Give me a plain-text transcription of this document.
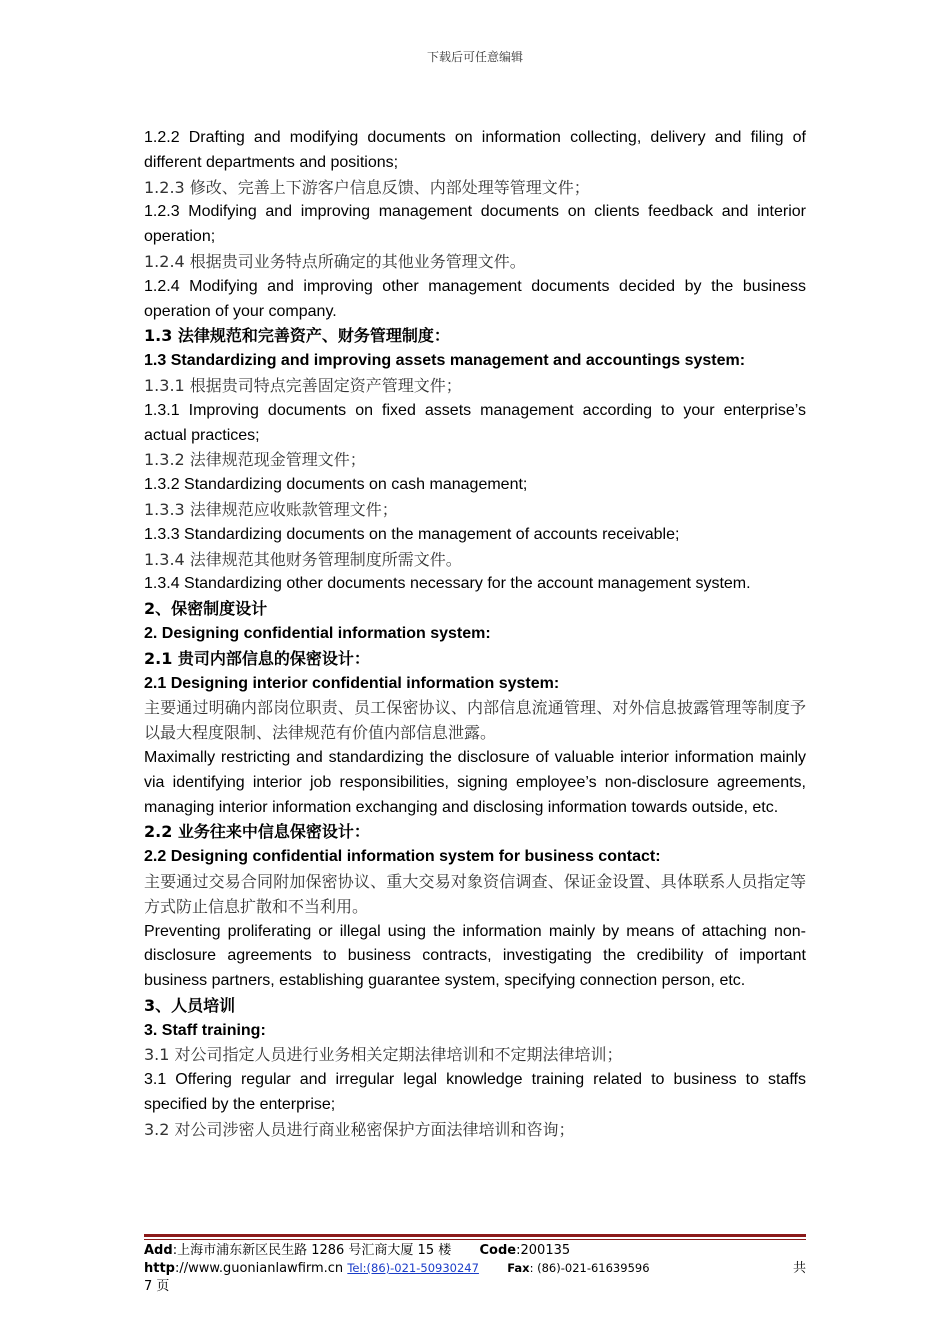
下载后可任意编辑

1.2.2 Drafting and modifying documents on information collecting, delivery and filing of different departments and positions;

1.2.3 修改、完善上下游客户信息反馈、内部处理等管理文件；

1.2.3 Modifying and improving management documents on clients feedback and interior operation;

1.2.4 根据贵司业务特点所确定的其他业务管理文件。

1.2.4 Modifying and improving other management documents decided by the business operation of your company.

1.3 法律规范和完善资产、财务管理制度：

1.3 Standardizing and improving assets management and accountings system:

1.3.1 根据贵司特点完善固定资产管理文件；

1.3.1 Improving documents on fixed assets management according to your enterprise’s actual practices;

1.3.2 法律规范现金管理文件；

1.3.2 Standardizing documents on cash management;

1.3.3 法律规范应收账款管理文件；

1.3.3 Standardizing documents on the management of accounts receivable;

1.3.4 法律规范其他财务管理制度所需文件。

1.3.4 Standardizing other documents necessary for the account management system.

2、保密制度设计

2. Designing confidential information system:

2.1 贵司内部信息的保密设计：

2.1 Designing interior confidential information system:

主要通过明确内部岗位职责、员工保密协议、内部信息流通管理、对外信息披露管理等制度予以最大程度限制、法律规范有价值内部信息泄露。

Maximally restricting and standardizing the disclosure of valuable interior information mainly via identifying interior job responsibilities, signing employee’s non-disclosure agreements, managing interior information exchanging and disclosing information towards outside, etc.

2.2 业务往来中信息保密设计：

2.2 Designing confidential information system for business contact:

主要通过交易合同附加保密协议、重大交易对象资信调查、保证金设置、具体联系人员指定等方式防止信息扩散和不当利用。

Preventing proliferating or illegal using the information mainly by means of attaching non-disclosure agreements to business contracts, investigating the credibility of important business partners, establishing guarantee system, specifying connection person, etc.

3、人员培训

3. Staff training:

3.1 对公司指定人员进行业务相关定期法律培训和不定期法律培训；

3.1 Offering regular and irregular legal knowledge training related to business to staffs specified by the enterprise;

3.2 对公司涉密人员进行商业秘密保护方面法律培训和咨询；

Add:上海市浦东新区民生路 1286 号汇商大厦 15 楼 Code:200135
http://www.guonianlawfirm.cn Tel:(86)-021-50930247 Fax: (86)-021-61639596	共
7 页
